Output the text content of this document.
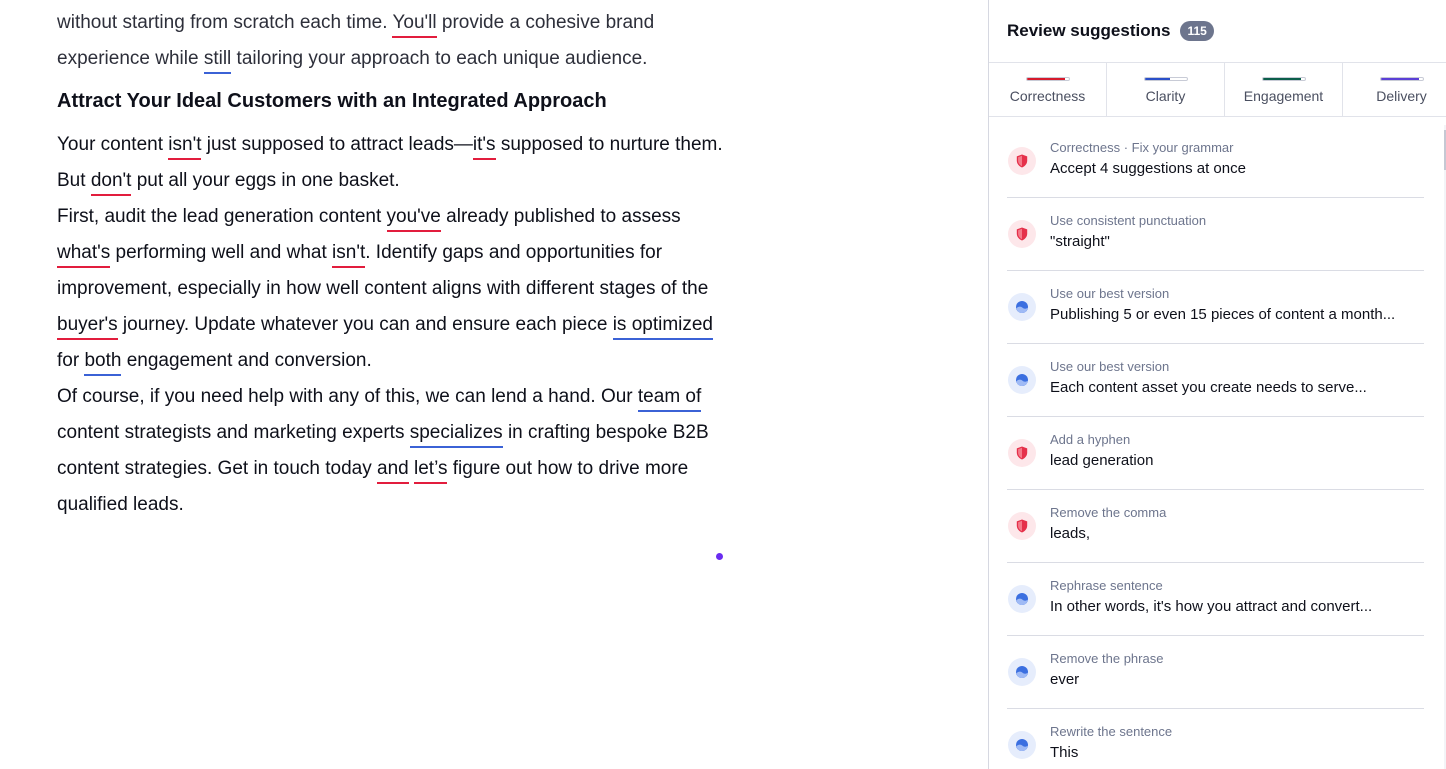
without starting from scratch each time. You'll provide a cohesive brand
experience while still tailoring your approach to each unique audience.

Attract Your Ideal Customers with an Integrated Approach

Your content isn't just supposed to attract leads—it's supposed to nurture them. But don't put all your eggs in one basket.

First, audit the lead generation content you've already published to assess what's performing well and what isn't. Identify gaps and opportunities for improvement, especially in how well content aligns with different stages of the buyer's journey. Update whatever you can and ensure each piece is optimized for both engagement and conversion.

Of course, if you need help with any of this, we can lend a hand. Our team of content strategists and marketing experts specializes in crafting bespoke B2B content strategies. Get in touch today and let’s figure out how to drive more qualified leads.

Review suggestions	115
Correctness	Clarity	Engagement	Delivery
Correctness · Fix your grammar
Accept 4 suggestions at once
Use consistent punctuation
"straight"
Use our best version
Publishing 5 or even 15 pieces of content a month...
Use our best version
Each content asset you create needs to serve...
Add a hyphen
lead generation
Remove the comma
leads,
Rephrase sentence
In other words, it's how you attract and convert...
Remove the phrase
ever
Rewrite the sentence
This
